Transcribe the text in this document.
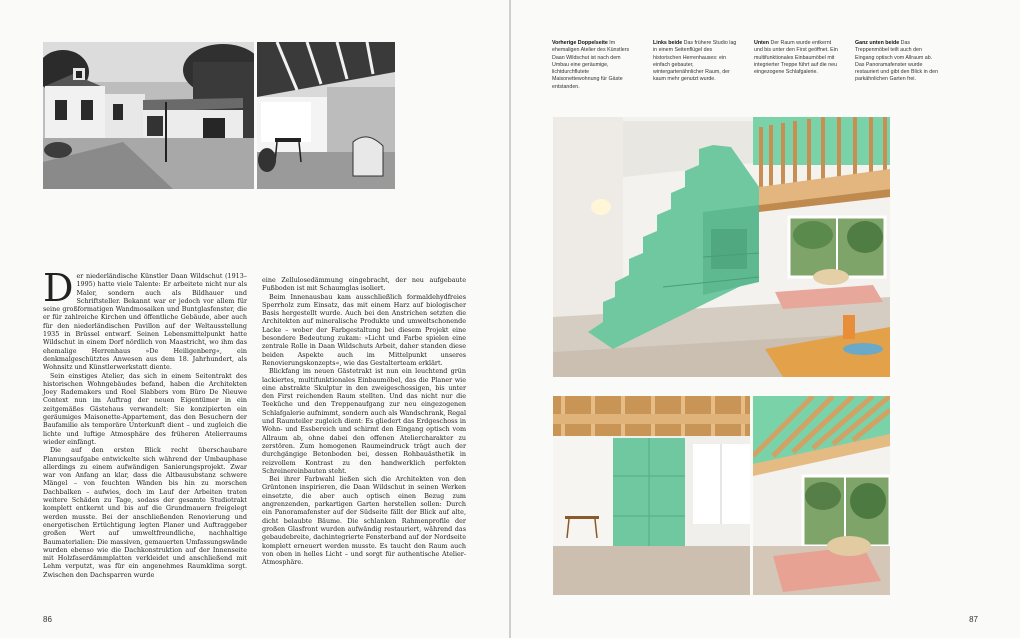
Der niederländische Künstler Daan Wildschut (1913–1995) hatte viele Talente: Er arbeitete nicht nur als Maler, sondern auch als Bildhauer und Schriftsteller. Bekannt war er jedoch vor allem für seine großformatigen Wandmosaiken und Buntglasfenster, die er für zahlreiche Kirchen und öffentliche Gebäude, aber auch für den niederländischen Pavillon auf der Weltausstellung 1935 in Brüssel entwarf. Seinen Lebensmittelpunkt hatte Wildschut in einem Dorf nördlich von Maastricht, wo ihm das ehemalige Herrenhaus »De Heiligenberg«, ein denkmalgeschütztes Anwesen aus dem 18. Jahrhundert, als Wohnsitz und Künstlerwerkstatt diente.

Sein einstiges Atelier, das sich in einem Seitentrakt des historischen Wohngebäudes befand, haben die Architekten Joey Rademakers und Roel Slabbers vom Büro De Nieuwe Context nun im Auftrag der neuen Eigentümer in ein zeitgemäßes Gästehaus verwandelt: Sie konzipierten ein geräumiges Maisonette-Appartement, das den Besuchern der Baufamilie als temporäre Unterkunft dient – und zugleich die lichte und luftige Atmosphäre des früheren Atelierraums wieder einfängt.

Die auf den ersten Blick recht überschaubare Planungsaufgabe entwickelte sich während der Umbauphase allerdings zu einem aufwändigen Sanierungsprojekt. Zwar war von Anfang an klar, dass die Altbausubstanz schwere Mängel – von feuchten Wänden bis hin zu morschen Dachbalken – aufwies, doch im Lauf der Arbeiten traten weitere Schäden zu Tage, sodass der gesamte Studiotrakt komplett entkernt und bis auf die Grundmauern freigelegt werden musste. Bei der anschließenden Renovierung und energetischen Ertüchtigung legten Planer und Auftraggeber großen Wert auf umweltfreundliche, nachhaltige Baumaterialien: Die massiven, gemauerten Umfassungswände wurden ebenso wie die Dachkonstruktion auf der Innenseite mit Holzfaserdämmplatten verkleidet und anschließend mit Lehm verputzt, was für ein angenehmes Raumklima sorgt. Zwischen den Dachsparren wurde

eine Zellulosedämmung eingebracht, der neu aufgebaute Fußboden ist mit Schaumglas isoliert.

Beim Innenausbau kam ausschließlich formaldehydfreies Sperrholz zum Einsatz, das mit einem Harz auf biologischer Basis hergestellt wurde. Auch bei den Anstrichen setzten die Architekten auf mineralische Produkte und umweltschonende Lacke – wober der Farbgestaltung bei diesem Projekt eine besondere Bedeutung zukam: »Licht und Farbe spielen eine zentrale Rolle in Daan Wildschuts Arbeit, daher standen diese beiden Aspekte auch im Mittelpunkt unseres Renovierungskonzepts«, wie das Gestalterteam erklärt.

Blickfang im neuen Gästetrakt ist nun ein leuchtend grün lackiertes, multifunktionales Einbaumöbel, das die Planer wie eine abstrakte Skulptur in den zweigeschossigen, bis unter den First reichenden Raum stellten. Und das nicht nur die Teeküche und den Treppenaufgang zur neu eingezogenen Schlafgalerie aufnimmt, sondern auch als Wandschrank, Regal und Raumteiler zugleich dient: Es gliedert das Erdgeschoss in Wohn- und Essbereich und schirmt den Eingang optisch vom Allraum ab, ohne dabei den offenen Ateliercharakter zu zerstören. Zum homogenen Raumeindruck trägt auch der durchgängige Betonboden bei, dessen Rohbauästhetik in reizvollem Kontrast zu den handwerklich perfekten Schreinereinbauten steht.

Bei ihrer Farbwahl ließen sich die Architekten von den Grüntonen inspirieren, die Daan Wildschut in seinen Werken einsetzte, die aber auch optisch einen Bezug zum angrenzenden, parkartigen Garten herstellen sollen: Durch ein Panoramafenster auf der Südseite fällt der Blick auf alte, dicht belaubte Bäume. Die schlanken Rahmenprofile der großen Glasfront wurden aufwändig restauriert, während das gebaudebreite, dachintegrierte Fensterband auf der Nordseite komplett erneuert werden musste. Es taucht den Raum auch von oben in helles Licht – und sorgt für authentische Atelier-Atmosphäre.

86
Vorherige Doppelseite Im ehemaligen Atelier des Künstlers Daan Wildschut ist nach dem Umbau eine geräumige, lichtdurchflutete Maisonettewohnung für Gäste entstanden.
Links beide Das frühere Studio lag in einem Seitenflügel des historischen Herrenhauses: ein einfach gebauter, wintergartenähnlicher Raum, der kaum mehr genutzt wurde.
Unten Der Raum wurde entkernt und bis unter den First geöffnet. Ein multifunktionales Einbaumöbel mit integrierter Treppe führt auf die neu eingezogene Schlafgalerie.
Ganz unten beide Das Treppenmöbel teilt auch den Eingang optisch vom Allraum ab. Das Panoramafenster wurde restauriert und gibt den Blick in den parkähnlichen Garten frei.
87
